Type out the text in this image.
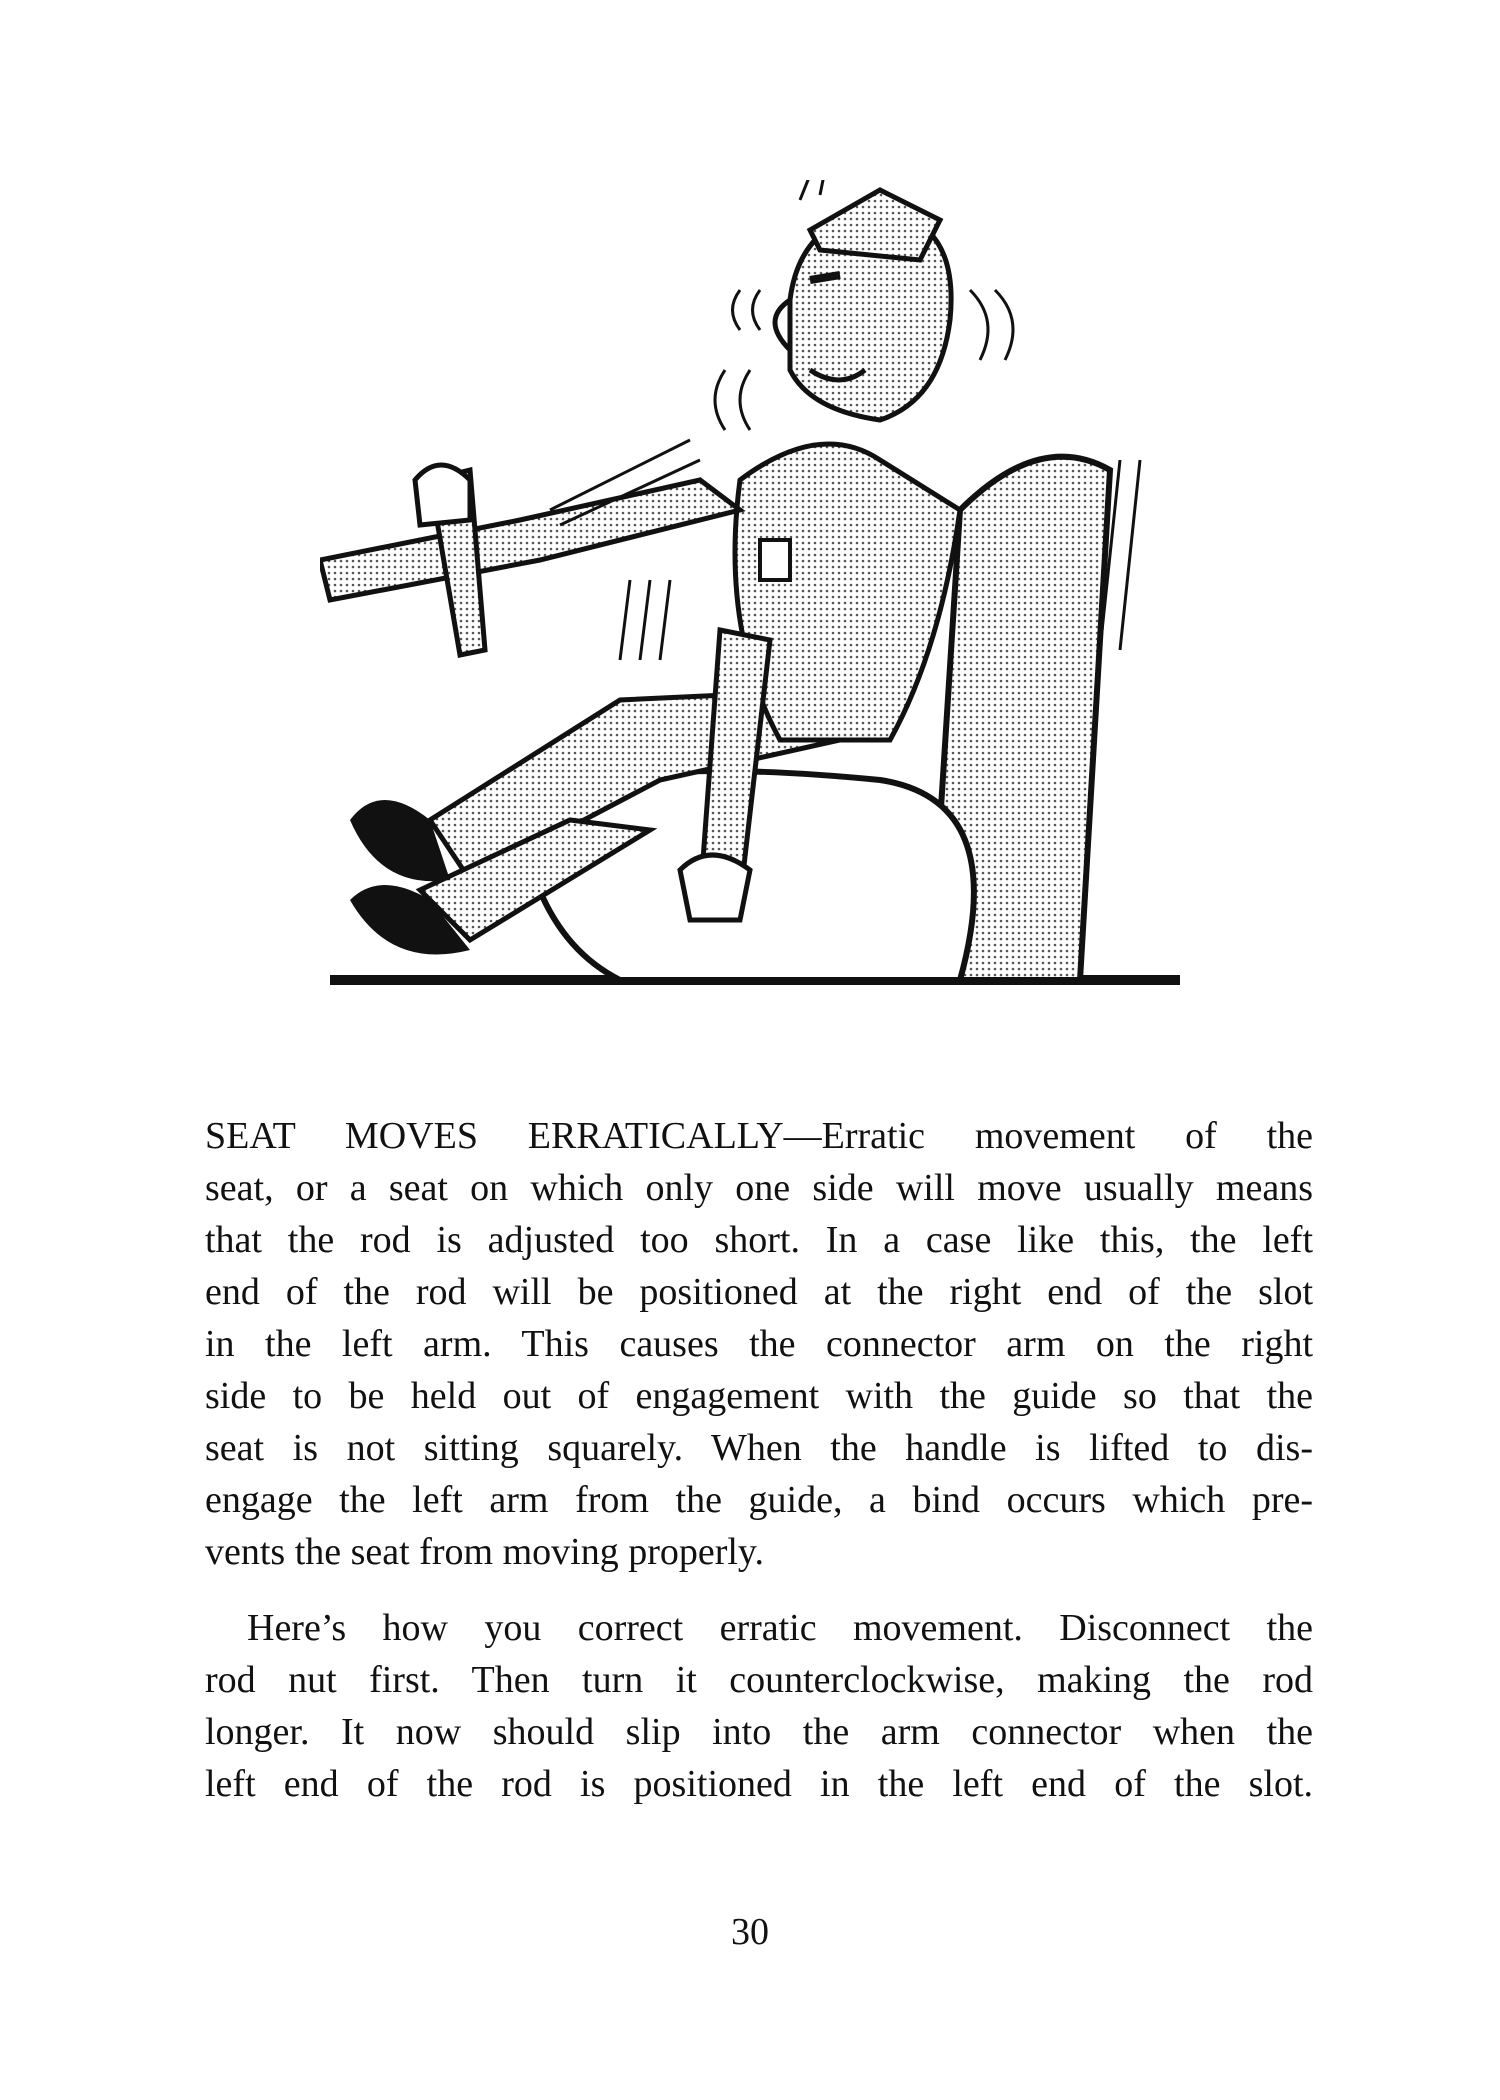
SEAT MOVES ERRATICALLY—Erratic movement of the
seat, or a seat on which only one side will move usually means
that the rod is adjusted too short. In a case like this, the left
end of the rod will be positioned at the right end of the slot
in the left arm. This causes the connector arm on the right
side to be held out of engagement with the guide so that the
seat is not sitting squarely. When the handle is lifted to dis-
engage the left arm from the guide, a bind occurs which pre-
vents the seat from moving properly.
Here’s how you correct erratic movement. Disconnect the
rod nut first. Then turn it counterclockwise, making the rod
longer. It now should slip into the arm connector when the
left end of the rod is positioned in the left end of the slot.
30
